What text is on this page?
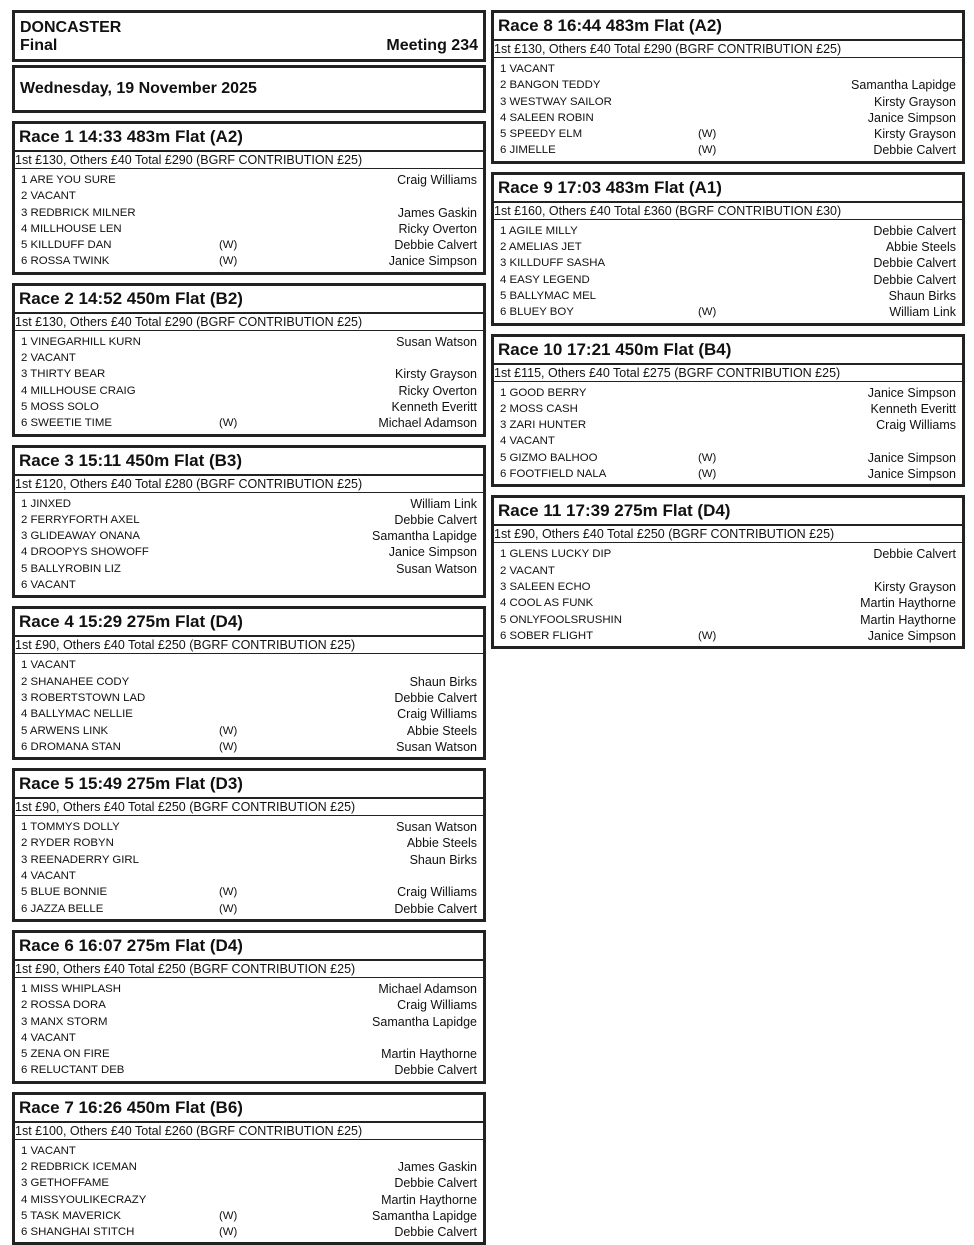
DONCASTER
Final	Meeting 234
Wednesday, 19 November 2025
Race 1 14:33 483m Flat (A2)
1st £130, Others £40 Total £290 (BGRF CONTRIBUTION £25)
1 ARE YOU SURE	Craig Williams
2 VACANT
3 REDBRICK MILNER	James Gaskin
4 MILLHOUSE LEN	Ricky Overton
5 KILLDUFF DAN	(W)	Debbie Calvert
6 ROSSA TWINK	(W)	Janice Simpson
Race 2 14:52 450m Flat (B2)
1st £130, Others £40 Total £290 (BGRF CONTRIBUTION £25)
1 VINEGARHILL KURN	Susan Watson
2 VACANT
3 THIRTY BEAR	Kirsty Grayson
4 MILLHOUSE CRAIG	Ricky Overton
5 MOSS SOLO	Kenneth Everitt
6 SWEETIE TIME	(W)	Michael Adamson
Race 3 15:11 450m Flat (B3)
1st £120, Others £40 Total £280 (BGRF CONTRIBUTION £25)
1 JINXED	William Link
2 FERRYFORTH AXEL	Debbie Calvert
3 GLIDEAWAY ONANA	Samantha Lapidge
4 DROOPYS SHOWOFF	Janice Simpson
5 BALLYROBIN LIZ	Susan Watson
6 VACANT
Race 4 15:29 275m Flat (D4)
1st £90, Others £40 Total £250 (BGRF CONTRIBUTION £25)
1 VACANT
2 SHANAHEE CODY	Shaun Birks
3 ROBERTSTOWN LAD	Debbie Calvert
4 BALLYMAC NELLIE	Craig Williams
5 ARWENS LINK	(W)	Abbie Steels
6 DROMANA STAN	(W)	Susan Watson
Race 5 15:49 275m Flat (D3)
1st £90, Others £40 Total £250 (BGRF CONTRIBUTION £25)
1 TOMMYS DOLLY	Susan Watson
2 RYDER ROBYN	Abbie Steels
3 REENADERRY GIRL	Shaun Birks
4 VACANT
5 BLUE BONNIE	(W)	Craig Williams
6 JAZZA BELLE	(W)	Debbie Calvert
Race 6 16:07 275m Flat (D4)
1st £90, Others £40 Total £250 (BGRF CONTRIBUTION £25)
1 MISS WHIPLASH	Michael Adamson
2 ROSSA DORA	Craig Williams
3 MANX STORM	Samantha Lapidge
4 VACANT
5 ZENA ON FIRE	Martin Haythorne
6 RELUCTANT DEB	Debbie Calvert
Race 7 16:26 450m Flat (B6)
1st £100, Others £40 Total £260 (BGRF CONTRIBUTION £25)
1 VACANT
2 REDBRICK ICEMAN	James Gaskin
3 GETHOFFAME	Debbie Calvert
4 MISSYOULIKECRAZY	Martin Haythorne
5 TASK MAVERICK	(W)	Samantha Lapidge
6 SHANGHAI STITCH	(W)	Debbie Calvert
Race 8 16:44 483m Flat (A2)
1st £130, Others £40 Total £290 (BGRF CONTRIBUTION £25)
1 VACANT
2 BANGON TEDDY	Samantha Lapidge
3 WESTWAY SAILOR	Kirsty Grayson
4 SALEEN ROBIN	Janice Simpson
5 SPEEDY ELM	(W)	Kirsty Grayson
6 JIMELLE	(W)	Debbie Calvert
Race 9 17:03 483m Flat (A1)
1st £160, Others £40 Total £360 (BGRF CONTRIBUTION £30)
1 AGILE MILLY	Debbie Calvert
2 AMELIAS JET	Abbie Steels
3 KILLDUFF SASHA	Debbie Calvert
4 EASY LEGEND	Debbie Calvert
5 BALLYMAC MEL	Shaun Birks
6 BLUEY BOY	(W)	William Link
Race 10 17:21 450m Flat (B4)
1st £115, Others £40 Total £275 (BGRF CONTRIBUTION £25)
1 GOOD BERRY	Janice Simpson
2 MOSS CASH	Kenneth Everitt
3 ZARI HUNTER	Craig Williams
4 VACANT
5 GIZMO BALHOO	(W)	Janice Simpson
6 FOOTFIELD NALA	(W)	Janice Simpson
Race 11 17:39 275m Flat (D4)
1st £90, Others £40 Total £250 (BGRF CONTRIBUTION £25)
1 GLENS LUCKY DIP	Debbie Calvert
2 VACANT
3 SALEEN ECHO	Kirsty Grayson
4 COOL AS FUNK	Martin Haythorne
5 ONLYFOOLSRUSHIN	Martin Haythorne
6 SOBER FLIGHT	(W)	Janice Simpson
